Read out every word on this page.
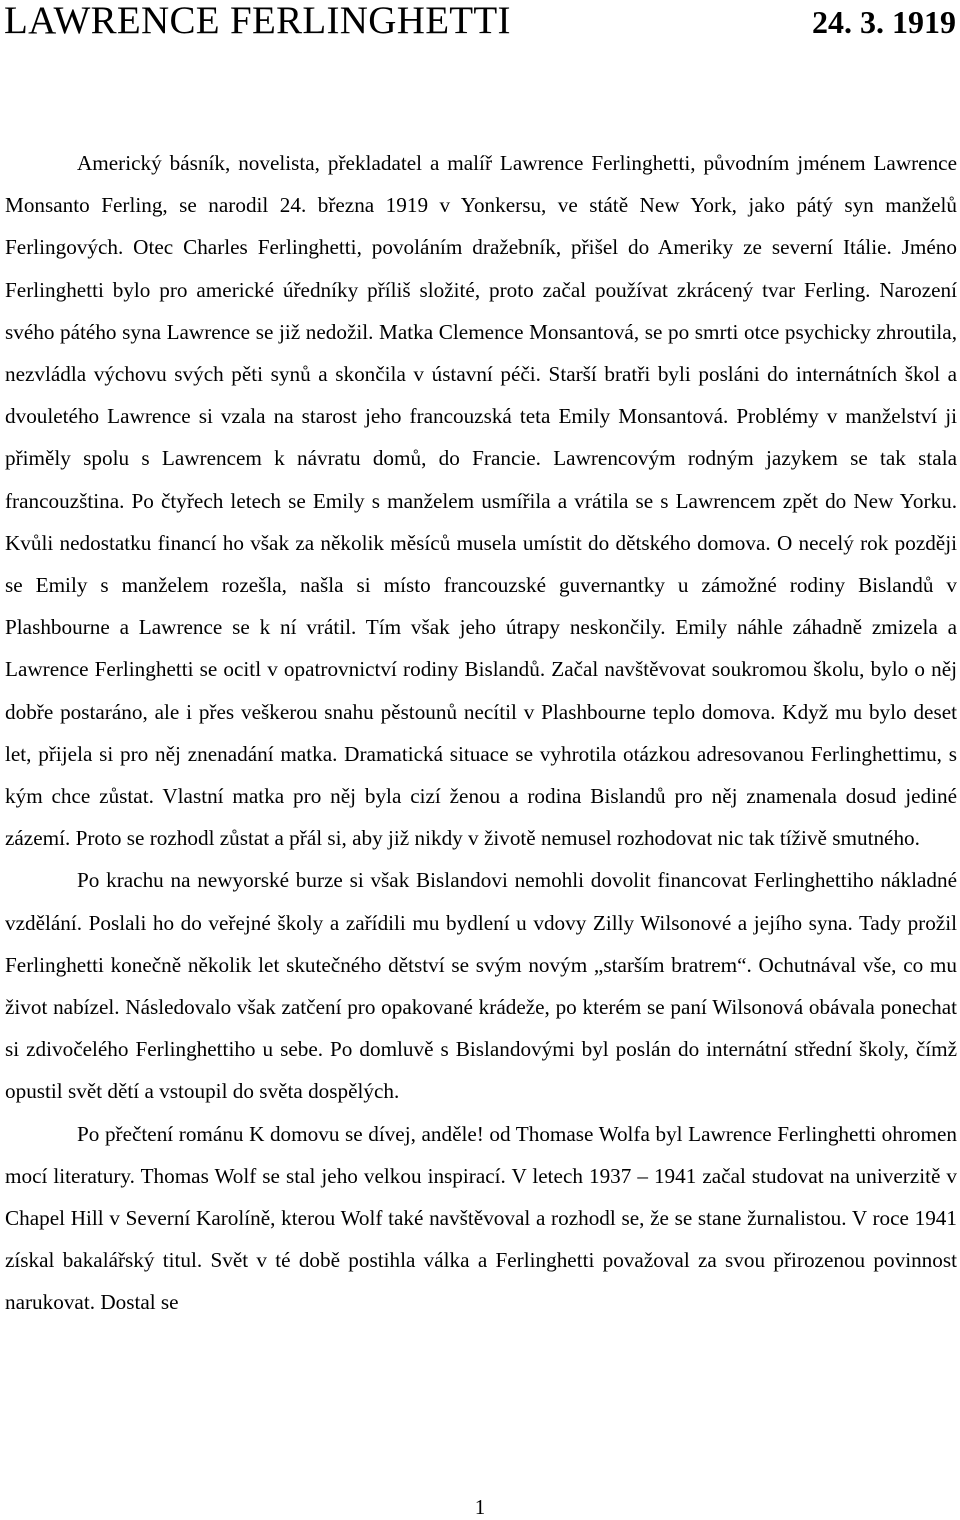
LAWRENCE FERLINGHETTI	24. 3. 1919

Americký básník, novelista, překladatel a malíř Lawrence Ferlinghetti, původním jménem Lawrence Monsanto Ferling, se narodil 24. března 1919 v Yonkersu, ve státě New York, jako pátý syn manželů Ferlingových. Otec Charles Ferlinghetti, povoláním dražebník, přišel do Ameriky ze severní Itálie. Jméno Ferlinghetti bylo pro americké úředníky příliš složité, proto začal používat zkrácený tvar Ferling. Narození svého pátého syna Lawrence se již nedožil. Matka Clemence Monsantová, se po smrti otce psychicky zhroutila, nezvládla výchovu svých pěti synů a skončila v ústavní péči. Starší bratři byli posláni do internátních škol a dvouletého Lawrence si vzala na starost jeho francouzská teta Emily Monsantová. Problémy v manželství ji přiměly spolu s Lawrencem k návratu domů, do Francie. Lawrencovým rodným jazykem se tak stala francouzština. Po čtyřech letech se Emily s manželem usmířila a vrátila se s Lawrencem zpět do New Yorku. Kvůli nedostatku financí ho však za několik měsíců musela umístit do dětského domova. O necelý rok později se Emily s manželem rozešla, našla si místo francouzské guvernantky u zámožné rodiny Bislandů v Plashbourne a Lawrence se k ní vrátil. Tím však jeho útrapy neskončily. Emily náhle záhadně zmizela a Lawrence Ferlinghetti se ocitl v opatrovnictví rodiny Bislandů. Začal navštěvovat soukromou školu, bylo o něj dobře postaráno, ale i přes veškerou snahu pěstounů necítil v Plashbourne teplo domova. Když mu bylo deset let, přijela si pro něj znenadání matka. Dramatická situace se vyhrotila otázkou adresovanou Ferlinghettimu, s kým chce zůstat. Vlastní matka pro něj byla cizí ženou a rodina Bislandů pro něj znamenala dosud jediné zázemí. Proto se rozhodl zůstat a přál si, aby již nikdy v životě nemusel rozhodovat nic tak tíživě smutného.

Po krachu na newyorské burze si však Bislandovi nemohli dovolit financovat Ferlinghettiho nákladné vzdělání. Poslali ho do veřejné školy a zařídili mu bydlení u vdovy Zilly Wilsonové a jejího syna. Tady prožil Ferlinghetti konečně několik let skutečného dětství se svým novým „starším bratrem“. Ochutnával vše, co mu život nabízel. Následovalo však zatčení pro opakované krádeže, po kterém se paní Wilsonová obávala ponechat si zdivočelého Ferlinghettiho u sebe. Po domluvě s Bislandovými byl poslán do internátní střední školy, čímž opustil svět dětí a vstoupil do světa dospělých.

Po přečtení románu K domovu se dívej, anděle! od Thomase Wolfa byl Lawrence Ferlinghetti ohromen mocí literatury. Thomas Wolf se stal jeho velkou inspirací. V letech 1937 – 1941 začal studovat na univerzitě v Chapel Hill v Severní Karolíně, kterou Wolf také navštěvoval a rozhodl se, že se stane žurnalistou. V roce 1941 získal bakalářský titul. Svět v té době postihla válka a Ferlinghetti považoval za svou přirozenou povinnost narukovat. Dostal se

1
